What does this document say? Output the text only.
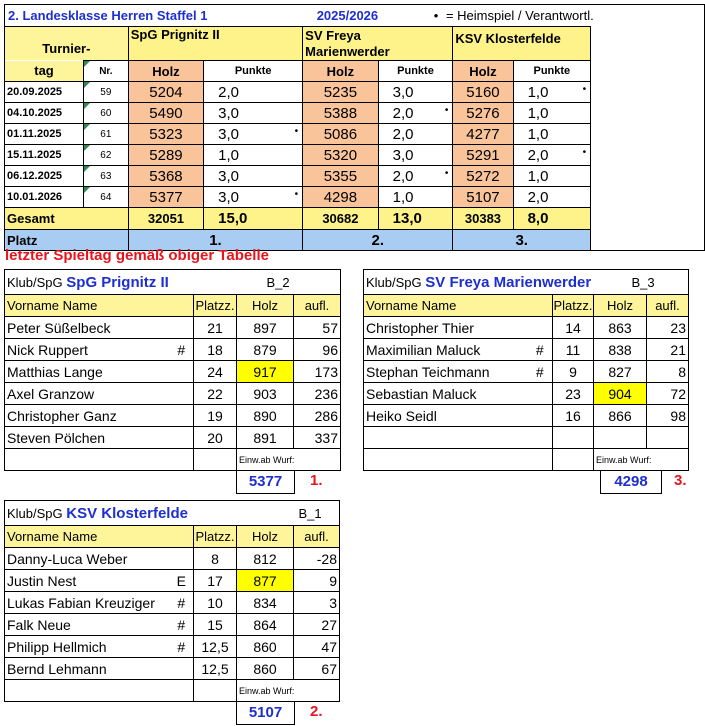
2. Landesklasse Herren Staffel 1 2025/2026					• = Heimspiel / Verantwortl.			
Turnier-		SpG Prignitz II		SV Freya
Marienwerder		KSV Klosterfelde		
tag	Nr.	Holz	Punkte	Holz	Punkte	Holz	Punkte	
20.09.2025	59	5204	2,0	5235	3,0	5160	1,0 •	

04.10.2025	60	5490	3,0	5388	2,0 •	5276	1,0

01.11.2025	61	5323	3,0 •	5086	2,0	4277	1,0

15.11.2025	62	5289	1,0	5320	3,0	5291	2,0 •	

06.12.2025	63	5368	3,0	5355	2,0 •	5272	1,0

10.01.2026	64	5377	3,0 •	4298	1,0	5107	2,0

Gesamt		32051	15,0	30682	13,0	30383	8,0	
Platz		1.		2.		3.		
letzter Spieltag gemäß obiger Tabelle
Klub/SpG SpG Prignitz II			B_2	
Vorname Name		Platzz.	Holz	aufl.
Peter Süßelbeck		21	897	57
Nick Ruppert	#	18	879	96
Matthias Lange		24	917	173
Axel Granzow		22	903	236
Christopher Ganz		19	890	286
Steven Pölchen		20	891	337
			Einw.ab Wurf:	
5377	1.
Klub/SpG SV Freya Marienwerder			B_3	
Vorname Name		Platzz.	Holz	aufl.
Christopher Thier		14	863	23
Maximilian Maluck	#	11	838	21
Stephan Teichmann	#	9	827	8
Sebastian Maluck		23	904	72
Heiko Seidl		16	866	98

			Einw.ab Wurf:	
4298	3.
Klub/SpG KSV Klosterfelde			B_1	
Vorname Name		Platzz.	Holz	aufl.
Danny-Luca Weber		8	812	-28
Justin Nest	E	17	877	9
Lukas Fabian Kreuziger	#	10	834	3
Falk Neue	#	15	864	27
Philipp Hellmich	#	12,5	860	47
Bernd Lehmann		12,5	860	67
			Einw.ab Wurf:	
5107	2.
